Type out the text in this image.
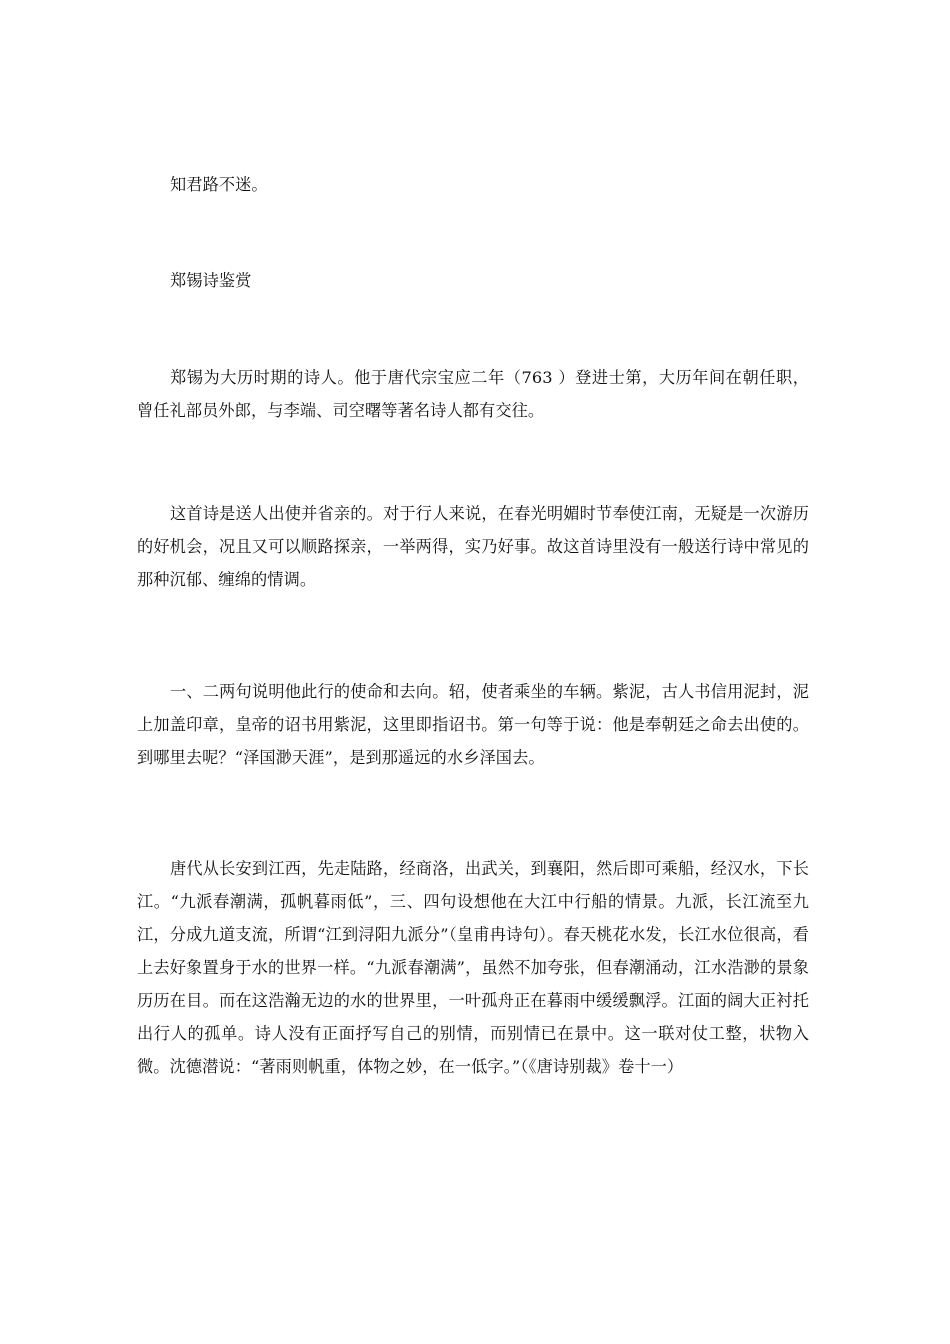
知君路不迷。

郑锡诗鉴赏

郑锡为大历时期的诗人。他于唐代宗宝应二年（763 ）登进士第，大历年间在朝任职，曾任礼部员外郎，与李端、司空曙等著名诗人都有交往。

这首诗是送人出使并省亲的。对于行人来说，在春光明媚时节奉使江南，无疑是一次游历的好机会，况且又可以顺路探亲，一举两得，实乃好事。故这首诗里没有一般送行诗中常见的那种沉郁、缠绵的情调。

一、二两句说明他此行的使命和去向。轺，使者乘坐的车辆。紫泥，古人书信用泥封，泥上加盖印章，皇帝的诏书用紫泥，这里即指诏书。第一句等于说：他是奉朝廷之命去出使的。到哪里去呢？“泽国渺天涯”，是到那遥远的水乡泽国去。

唐代从长安到江西，先走陆路，经商洛，出武关，到襄阳，然后即可乘船，经汉水，下长江。“九派春潮满，孤帆暮雨低”，三、四句设想他在大江中行船的情景。九派，长江流至九江，分成九道支流，所谓“江到浔阳九派分”（皇甫冉诗句）。春天桃花水发，长江水位很高，看上去好象置身于水的世界一样。“九派春潮满”，虽然不加夸张，但春潮涌动，江水浩渺的景象历历在目。而在这浩瀚无边的水的世界里，一叶孤舟正在暮雨中缓缓飘浮。江面的阔大正衬托出行人的孤单。诗人没有正面抒写自己的别情，而别情已在景中。这一联对仗工整，状物入微。沈德潜说：“著雨则帆重，体物之妙，在一低字。”（《唐诗别裁》卷十一）
